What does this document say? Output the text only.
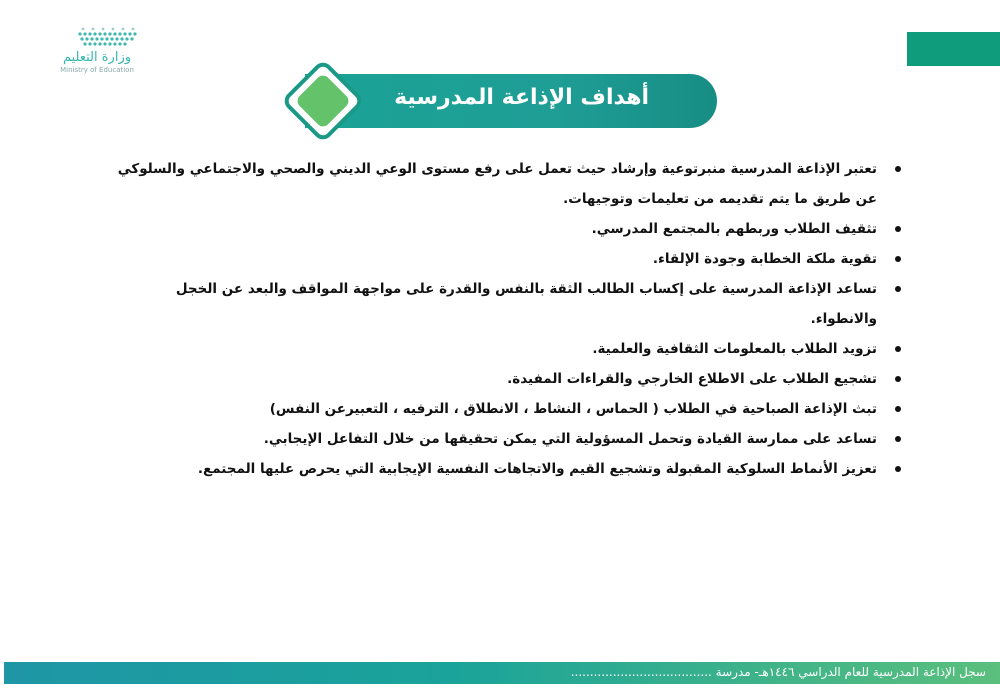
وزارة التعليم
Ministry of Education
أهداف الإذاعة المدرسية
تعتبر الإذاعة المدرسية منبرتوعية وإرشاد حيث تعمل على رفع مستوى الوعي الديني والصحي والاجتماعي والسلوكي عن طريق ما يتم تقديمه من تعليمات وتوجيهات.
تثقيف الطلاب وربطهم بالمجتمع المدرسي.
تقوية ملكة الخطابة وجودة الإلقاء.
تساعد الإذاعة المدرسية على إكساب الطالب الثقة بالنفس والقدرة على مواجهة المواقف والبعد عن الخجل والانطواء.
تزويد الطلاب بالمعلومات الثقافية والعلمية.
تشجيع الطلاب على الاطلاع الخارجي والقراءات المفيدة.
تبث الإذاعة الصباحية في الطلاب ( الحماس ، النشاط ، الانطلاق ، الترفيه ، التعبيرعن النفس)
تساعد على ممارسة القيادة وتحمل المسؤولية التي يمكن تحقيقها من خلال التفاعل الإيجابي.
تعزيز الأنماط السلوكية المقبولة وتشجيع القيم والاتجاهات النفسية الإيجابية التي يحرص عليها المجتمع.
سجل الإذاعة المدرسية للعام الدراسي ١٤٤٦هـ- مدرسة .....................................
